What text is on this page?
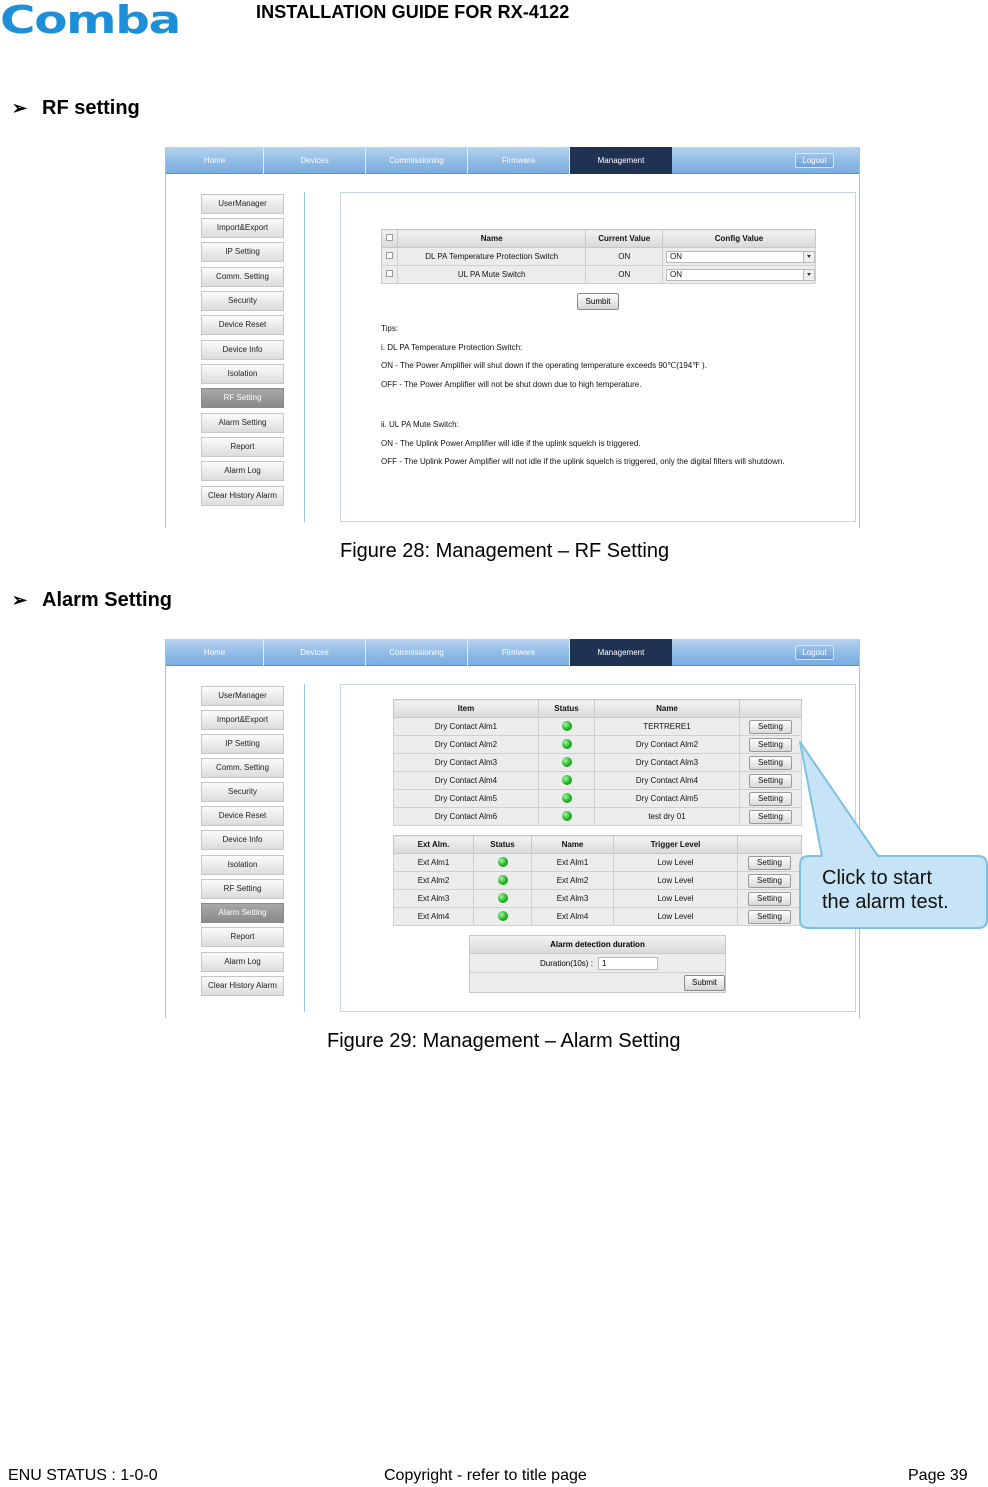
Comba	INSTALLATION GUIDE FOR RX-4122
➢ RF setting
Home	Devices	Commissioning	Firmware	Management	Logout
UserManager
Import&Export
IP Setting
Comm. Setting
Security
Device Reset
Device Info
Isolation
RF Setting
Alarm Setting
Report
Alarm Log
Clear History Alarm
	Name	Current Value	Config Value
	DL PA Temperature Protection Switch	ON	ON

	UL PA Mute Switch	ON	ON
Sumbit

Tips:

i. DL PA Temperature Protection Switch:

ON - The Power Amplifier will shut down if the operating temperature exceeds 90℃(194℉ ).

OFF - The Power Amplifier will not be shut down due to high temperature.

ii. UL PA Mute Switch:

ON - The Uplink Power Amplifier will idle if the uplink squelch is triggered.

OFF - The Uplink Power Amplifier will not idle if the uplink squelch is triggered, only the digital filters will shutdown.

Figure 28: Management – RF Setting
➢ Alarm Setting
Home	Devices	Commissioning	Firmware	Management	Logout
UserManager
Import&Export
IP Setting
Comm. Setting
Security
Device Reset
Device Info
Isolation
RF Setting
Alarm Setting
Report
Alarm Log
Clear History Alarm
Item	Status	Name	
Dry Contact Alm1		TERTRERE1	Setting
Dry Contact Alm2		Dry Contact Alm2	Setting
Dry Contact Alm3		Dry Contact Alm3	Setting
Dry Contact Alm4		Dry Contact Alm4	Setting
Dry Contact Alm5		Dry Contact Alm5	Setting
Dry Contact Alm6		test dry 01	Setting
Ext Alm.	Status	Name	Trigger Level	
Ext Alm1		Ext Alm1	Low Level	Setting
Ext Alm2		Ext Alm2	Low Level	Setting
Ext Alm3		Ext Alm3	Low Level	Setting
Ext Alm4		Ext Alm4	Low Level	Setting
Alarm detection duration
Duration(10s) :	1
Submit
Click to start
the alarm test.
Figure 29: Management – Alarm Setting
ENU STATUS : 1-0-0	Copyright - refer to title page	Page 39
